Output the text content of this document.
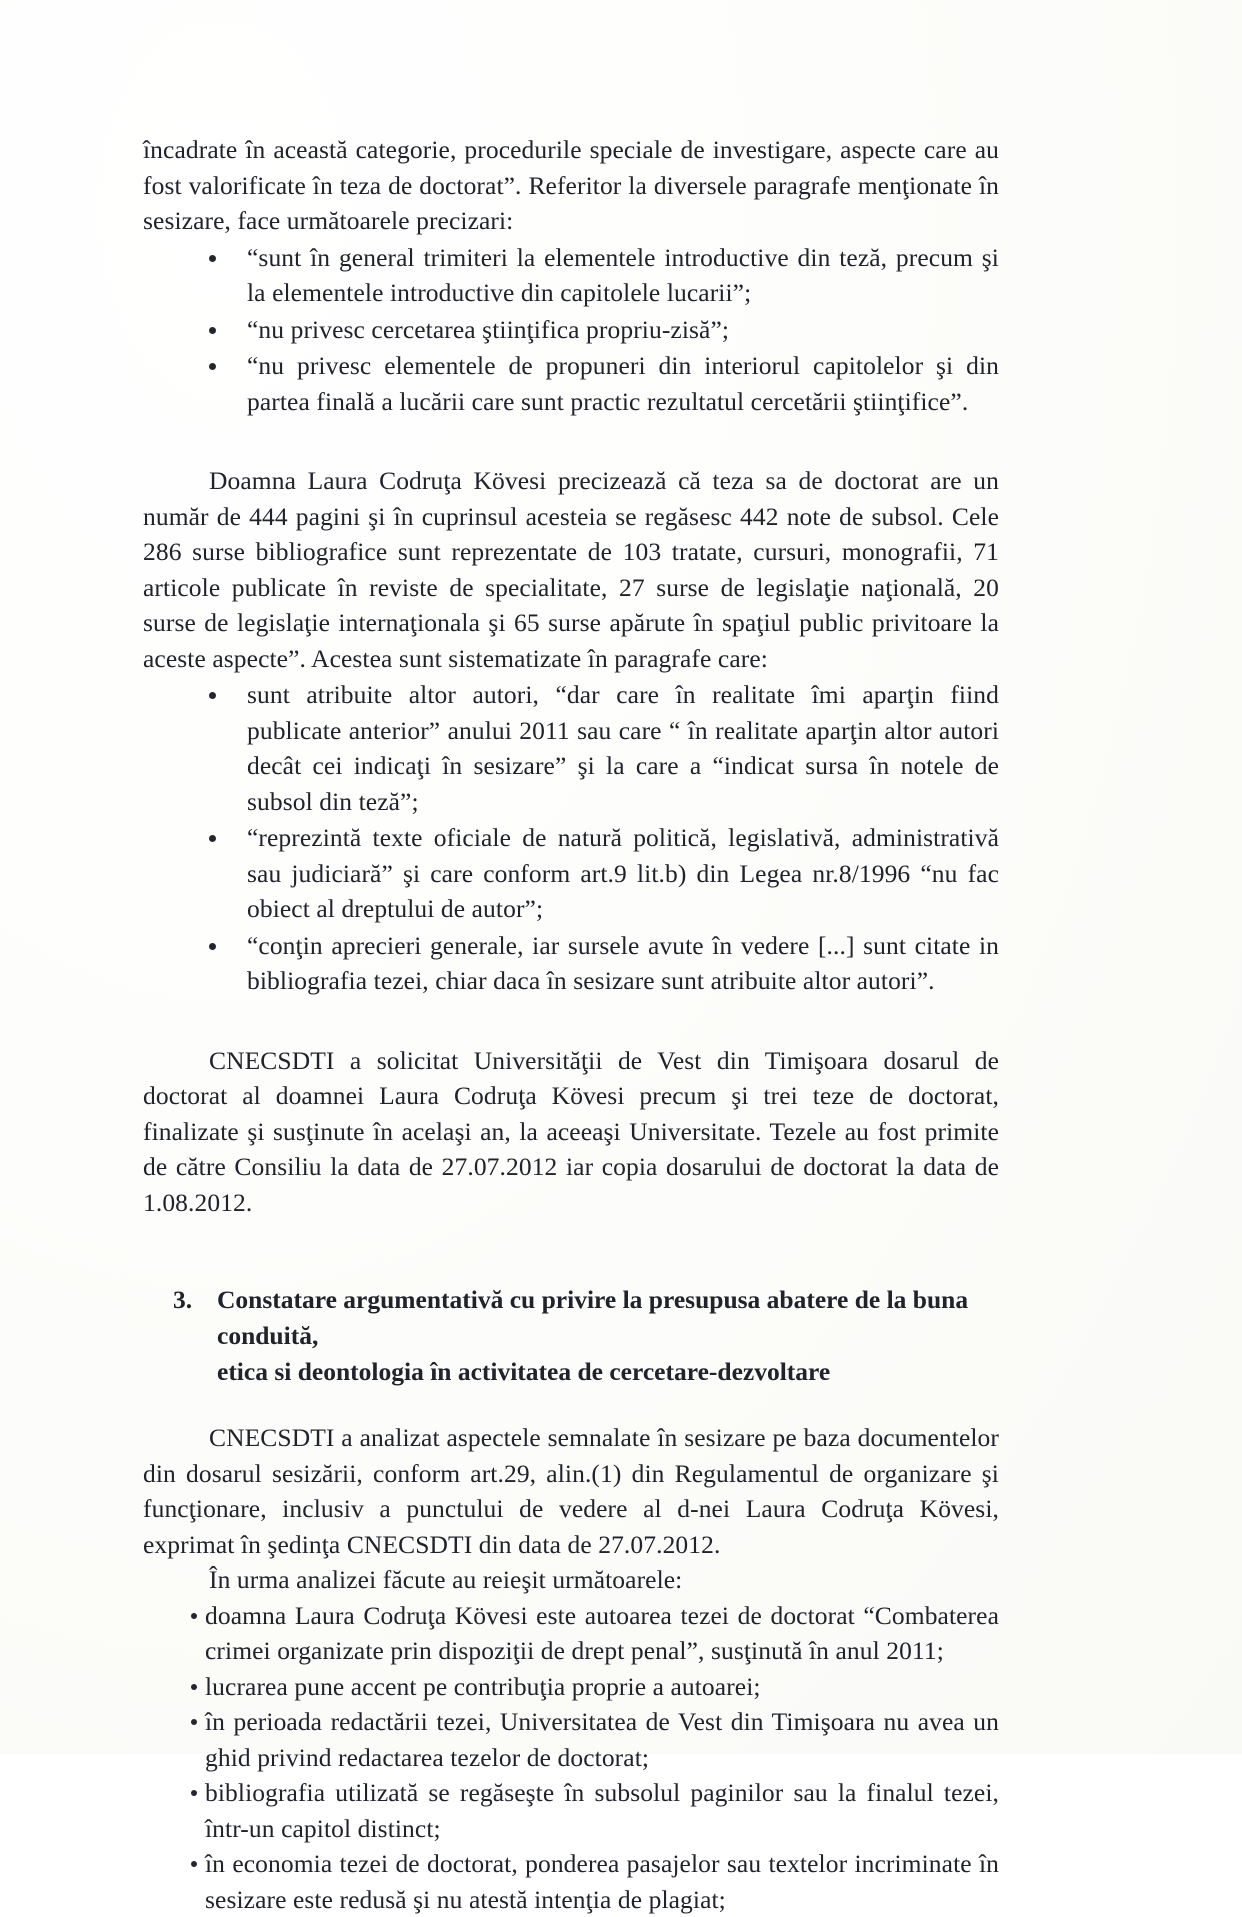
încadrate în această categorie, procedurile speciale de investigare, aspecte care au fost valorificate în teza de doctorat”. Referitor la diversele paragrafe menţionate în sesizare, face următoarele precizari:

“sunt în general trimiteri la elementele introductive din teză, precum şi la elementele introductive din capitolele lucarii”;
“nu privesc cercetarea ştiinţifica propriu-zisă”;
“nu privesc elementele de propuneri din interiorul capitolelor şi din partea finală a lucării care sunt practic rezultatul cercetării ştiinţifice”.

Doamna Laura Codruţa Kövesi precizează că teza sa de doctorat are un număr de 444 pagini şi în cuprinsul acesteia se regăsesc 442 note de subsol. Cele 286 surse bibliografice sunt reprezentate de 103 tratate, cursuri, monografii, 71 articole publicate în reviste de specialitate, 27 surse de legislaţie naţională, 20 surse de legislaţie internaţionala şi 65 surse apărute în spaţiul public privitoare la aceste aspecte”. Acestea sunt sistematizate în paragrafe care:

sunt atribuite altor autori, “dar care în realitate îmi aparţin fiind publicate anterior” anului 2011 sau care “ în realitate aparţin altor autori decât cei indicaţi în sesizare” şi la care a “indicat sursa în notele de subsol din teză”;
“reprezintă texte oficiale de natură politică, legislativă, administrativă sau judiciară” şi care conform art.9 lit.b) din Legea nr.8/1996 “nu fac obiect al dreptului de autor”;
“conţin aprecieri generale, iar sursele avute în vedere [...] sunt citate in bibliografia tezei, chiar daca în sesizare sunt atribuite altor autori”.

CNECSDTI a solicitat Universităţii de Vest din Timişoara dosarul de doctorat al doamnei Laura Codruţa Kövesi precum şi trei teze de doctorat, finalizate şi susţinute în acelaşi an, la aceeaşi Universitate. Tezele au fost primite de către Consiliu la data de 27.07.2012 iar copia dosarului de doctorat la data de 1.08.2012.

3. Constatare argumentativă cu privire la presupusa abatere de la buna conduită,
etica si deontologia în activitatea de cercetare-dezvoltare

CNECSDTI a analizat aspectele semnalate în sesizare pe baza documentelor din dosarul sesizării, conform art.29, alin.(1) din Regulamentul de organizare şi funcţionare, inclusiv a punctului de vedere al d-nei Laura Codruţa Kövesi, exprimat în şedinţa CNECSDTI din data de 27.07.2012.

În urma analizei făcute au reieşit următoarele:

doamna Laura Codruţa Kövesi este autoarea tezei de doctorat “Combaterea crimei organizate prin dispoziţii de drept penal”, susţinută în anul 2011;

lucrarea pune accent pe contribuţia proprie a autoarei;

în perioada redactării tezei, Universitatea de Vest din Timişoara nu avea un ghid privind redactarea tezelor de doctorat;

bibliografia utilizată se regăseşte în subsolul paginilor sau la finalul tezei, într-un capitol distinct;

în economia tezei de doctorat, ponderea pasajelor sau textelor incriminate în sesizare este redusă şi nu atestă intenţia de plagiat;
